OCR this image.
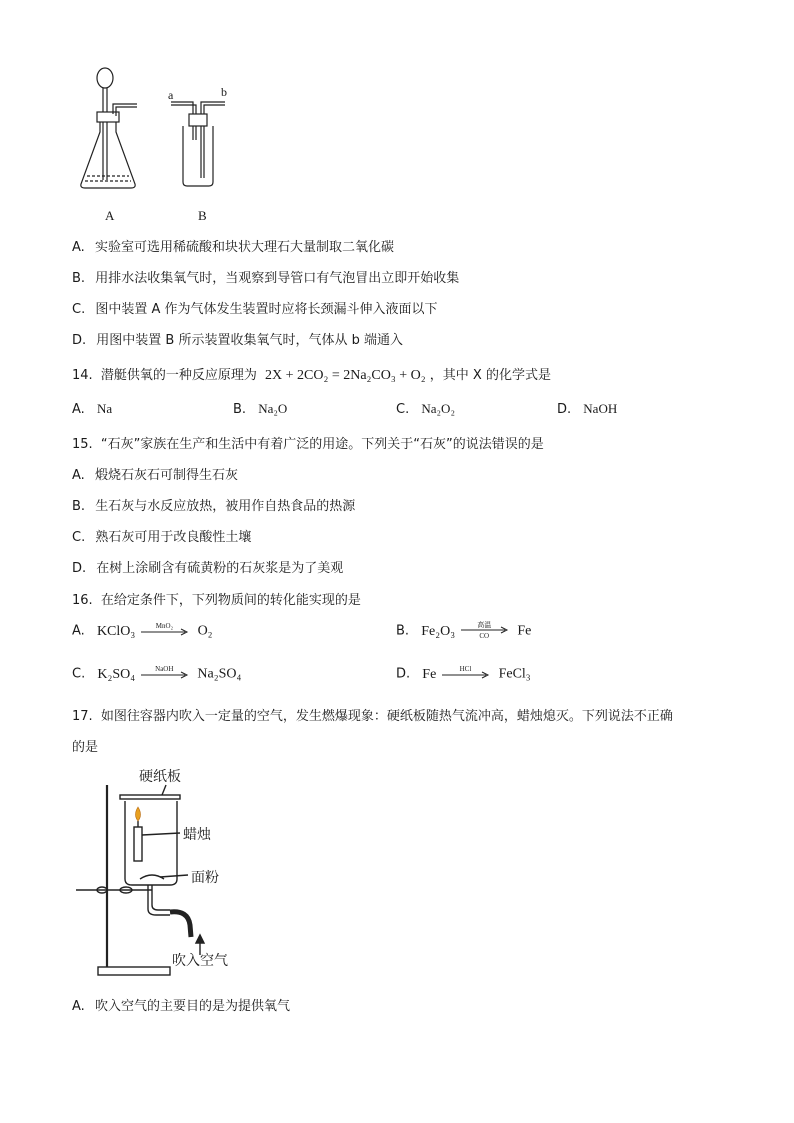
a	b
A	B
A. 实验室可选用稀硫酸和块状大理石大量制取二氧化碳
B. 用排水法收集氧气时，当观察到导管口有气泡冒出立即开始收集
C. 图中装置 A 作为气体发生装置时应将长颈漏斗伸入液面以下
D. 用图中装置 B 所示装置收集氧气时，气体从 b 端通入
14. 潜艇供氧的一种反应原理为 2X + 2CO₂ = 2Na₂CO₃ + O₂ ，其中 X 的化学式是
A. Na	B. Na₂O	C. Na₂O₂	D. NaOH
15. “石灰”家族在生产和生活中有着广泛的用途。下列关于“石灰”的说法错误的是
A. 煅烧石灰石可制得生石灰
B. 生石灰与水反应放热，被用作自热食品的热源
C. 熟石灰可用于改良酸性土壤
D. 在树上涂刷含有硫黄粉的石灰浆是为了美观
16. 在给定条件下，下列物质间的转化能实现的是
A. KClO₃	MnO₂	O₂	B. Fe₂O₃	高温
CO	Fe
C. K₂SO₄	NaOH	Na₂SO₄	D. Fe	HCl	FeCl₃
17. 如图往容器内吹入一定量的空气，发生燃爆现象：硬纸板随热气流冲高，蜡烛熄灭。下列说法不正确
的是
硬纸板
蜡烛
面粉
吹入空气
A. 吹入空气的主要目的是为提供氧气
